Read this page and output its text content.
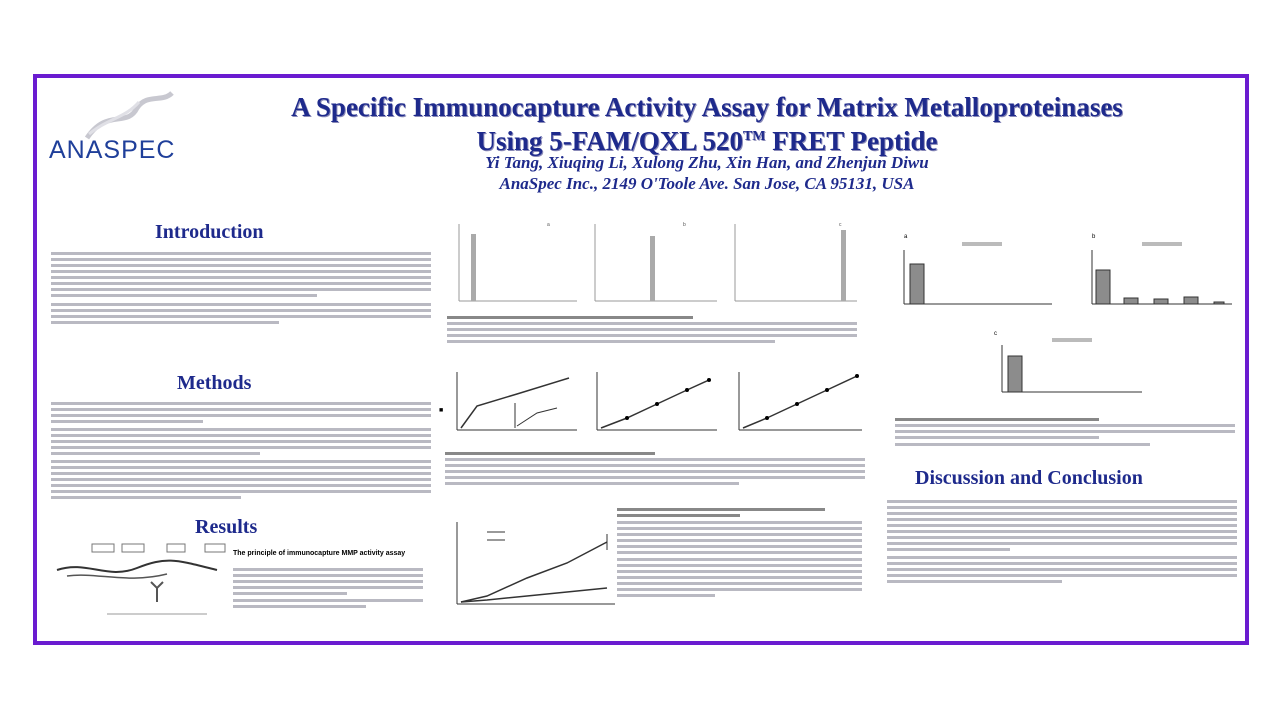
ANASPEC
A Specific Immunocapture Activity Assay for Matrix Metalloproteinases
Using 5-FAM/QXL 520™ FRET Peptide
Yi Tang, Xiuqing Li, Xulong Zhu, Xin Han, and Zhenjun Diwu
AnaSpec Inc., 2149 O'Toole Ave. San Jose, CA 95131, USA
Introduction
Methods
Results
The principle of immunocapture MMP activity assay
a	b	c
■
a	b
c
Discussion and Conclusion
